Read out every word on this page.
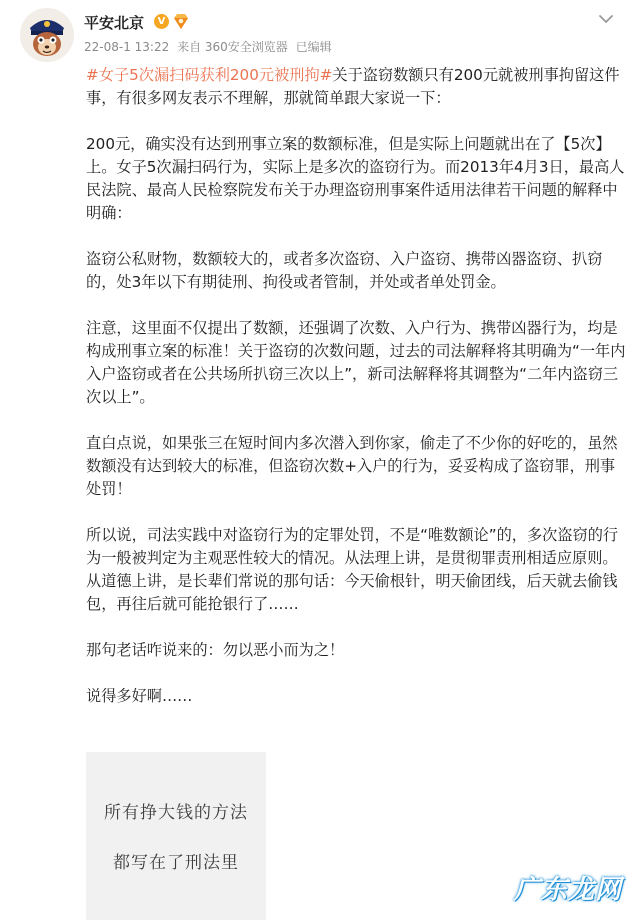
平安北京	V
22-08-1 13:22 来自 360安全浏览器 已编辑

#女子5次漏扫码获利200元被刑拘#关于盗窃数额只有200元就被刑事拘留这件事，有很多网友表示不理解，那就简单跟大家说一下：

200元，确实没有达到刑事立案的数额标准，但是实际上问题就出在了【5次】上。女子5次漏扫码行为，实际上是多次的盗窃行为。而2013年4月3日，最高人民法院、最高人民检察院发布关于办理盗窃刑事案件适用法律若干问题的解释中明确：

盗窃公私财物，数额较大的，或者多次盗窃、入户盗窃、携带凶器盗窃、扒窃的，处3年以下有期徒刑、拘役或者管制，并处或者单处罚金。

注意，这里面不仅提出了数额，还强调了次数、入户行为、携带凶器行为，均是构成刑事立案的标准！关于盗窃的次数问题，过去的司法解释将其明确为“一年内入户盗窃或者在公共场所扒窃三次以上”，新司法解释将其调整为“二年内盗窃三次以上”。

直白点说，如果张三在短时间内多次潜入到你家，偷走了不少你的好吃的，虽然数额没有达到较大的标准，但盗窃次数+入户的行为，妥妥构成了盗窃罪，刑事处罚！

所以说，司法实践中对盗窃行为的定罪处罚，不是“唯数额论”的，多次盗窃的行为一般被判定为主观恶性较大的情况。从法理上讲，是贯彻罪责刑相适应原则。从道德上讲，是长辈们常说的那句话：今天偷根针，明天偷团线，后天就去偷钱包，再往后就可能抢银行了……

那句老话咋说来的：勿以恶小而为之！

说得多好啊……

所有挣大钱的方法
都写在了刑法里
广东龙网
